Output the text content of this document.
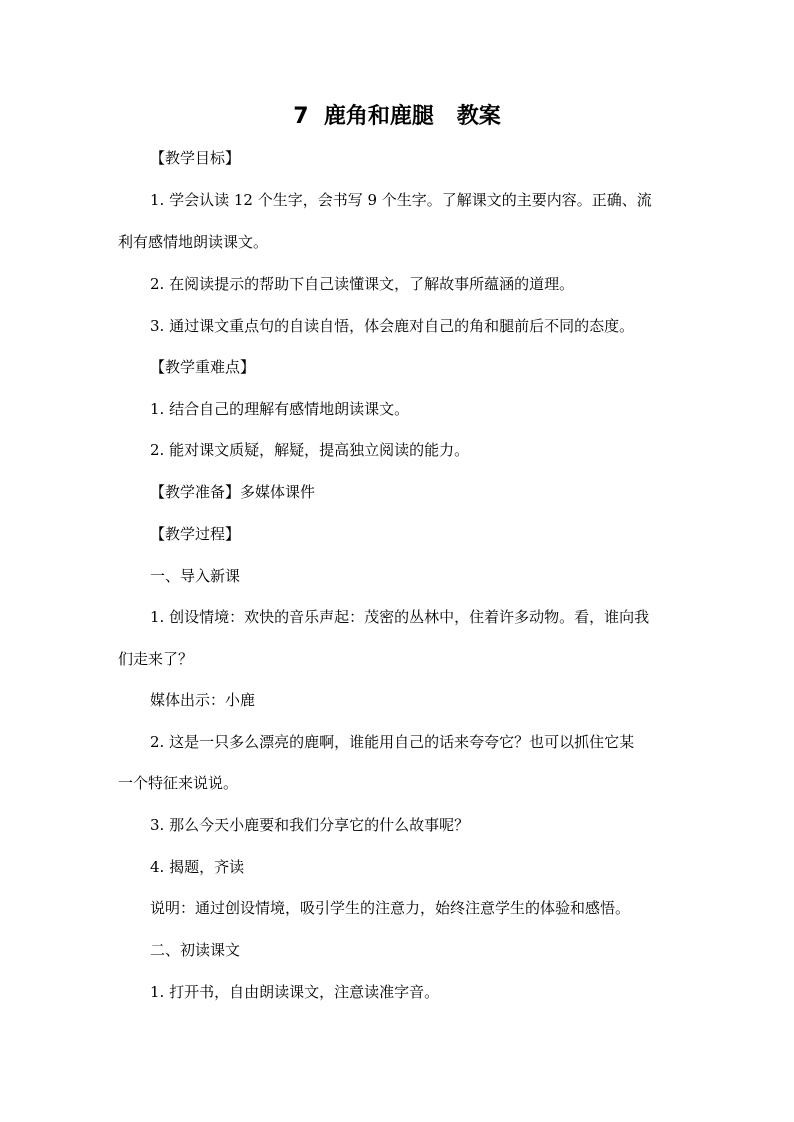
7  鹿角和鹿腿   教案
【教学目标】
1. 学会认读 12 个生字，会书写 9 个生字。了解课文的主要内容。正确、流
利有感情地朗读课文。
2. 在阅读提示的帮助下自己读懂课文，了解故事所蕴涵的道理。
3. 通过课文重点句的自读自悟，体会鹿对自己的角和腿前后不同的态度。
【教学重难点】
1. 结合自己的理解有感情地朗读课文。
2. 能对课文质疑，解疑，提高独立阅读的能力。
【教学准备】多媒体课件
【教学过程】
一、导入新课
1. 创设情境：欢快的音乐声起：茂密的丛林中，住着许多动物。看，谁向我
们走来了？
媒体出示：小鹿
2. 这是一只多么漂亮的鹿啊，谁能用自己的话来夸夸它？也可以抓住它某
一个特征来说说。
3. 那么今天小鹿要和我们分享它的什么故事呢？
4. 揭题，齐读
说明：通过创设情境，吸引学生的注意力，始终注意学生的体验和感悟。
二、初读课文
1. 打开书，自由朗读课文，注意读准字音。
